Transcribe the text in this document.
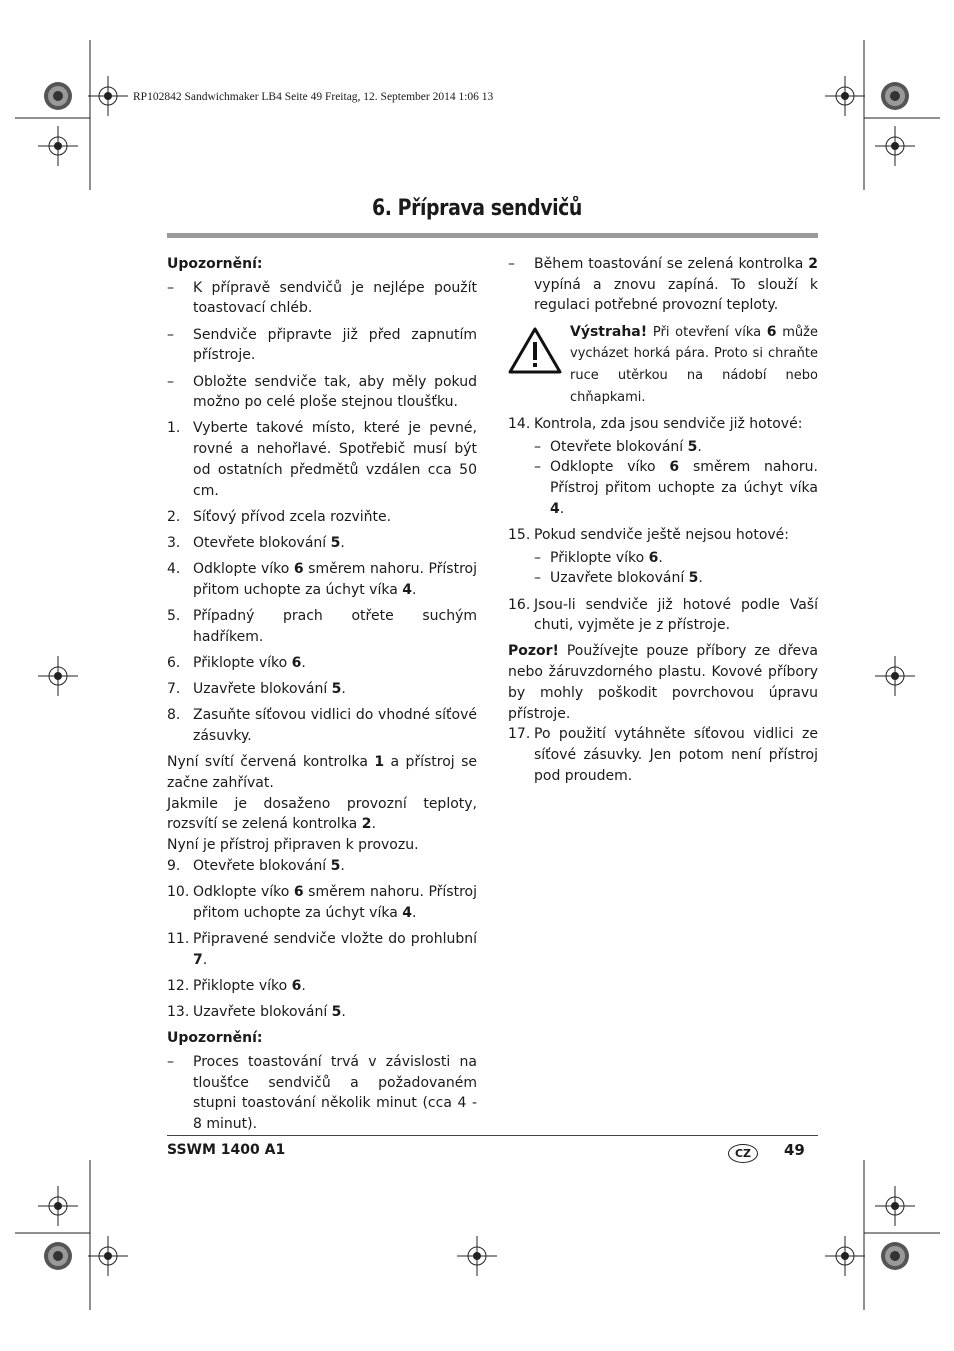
RP102842 Sandwichmaker LB4 Seite 49 Freitag, 12. September 2014 1:06 13
6. Příprava sendvičů

Upozornění:

–	K přípravě sendvičů je nejlépe použít toastovací chléb.
–	Sendviče připravte již před zapnutím přístroje.
–	Obložte sendviče tak, aby měly pokud možno po celé ploše stejnou tloušťku.
1. Vyberte takové místo, které je pevné, rovné a nehořlavé. Spotřebič musí být od ostatních předmětů vzdálen cca 50 cm.
2. Síťový přívod zcela rozviňte.
3. Otevřete blokování 5.
4. Odklopte víko 6 směrem nahoru. Přístroj přitom uchopte za úchyt víka 4.
5. Případný prach otřete suchým hadříkem.
6. Přiklopte víko 6.
7. Uzavřete blokování 5.
8. Zasuňte síťovou vidlici do vhodné síťové zásuvky.

Nyní svítí červená kontrolka 1 a přístroj se začne zahřívat.

Jakmile je dosaženo provozní teploty, rozsvítí se zelená kontrolka 2.

Nyní je přístroj připraven k provozu.

9. Otevřete blokování 5.
10. Odklopte víko 6 směrem nahoru. Přístroj přitom uchopte za úchyt víka 4.
11. Připravené sendviče vložte do prohlubní 7.
12. Přiklopte víko 6.
13. Uzavřete blokování 5.

Upozornění:

–	Proces toastování trvá v závislosti na tloušťce sendvičů a požadovaném stupni toastování několik minut (cca 4 - 8 minut).
–	Během toastování se zelená kontrolka 2 vypíná a znovu zapíná. To slouží k regulaci potřebné provozní teploty.
Výstraha! Při otevření víka 6 může vycházet horká pára. Proto si chraňte ruce utěrkou na nádobí nebo chňapkami.
14. Kontrola, zda jsou sendviče již hotové:
– Otevřete blokování 5.
– Odklopte víko 6 směrem nahoru. Přístroj přitom uchopte za úchyt víka 4.
15. Pokud sendviče ještě nejsou hotové:
– Přiklopte víko 6.
– Uzavřete blokování 5.
16. Jsou-li sendviče již hotové podle Vaší chuti, vyjměte je z přístroje.

Pozor! Používejte pouze příbory ze dřeva nebo žáruvzdorného plastu. Kovové příbory by mohly poškodit povrchovou úpravu přístroje.

17. Po použití vytáhněte síťovou vidlici ze síťové zásuvky. Jen potom není přístroj pod proudem.
SSWM 1400 A1	CZ	49
